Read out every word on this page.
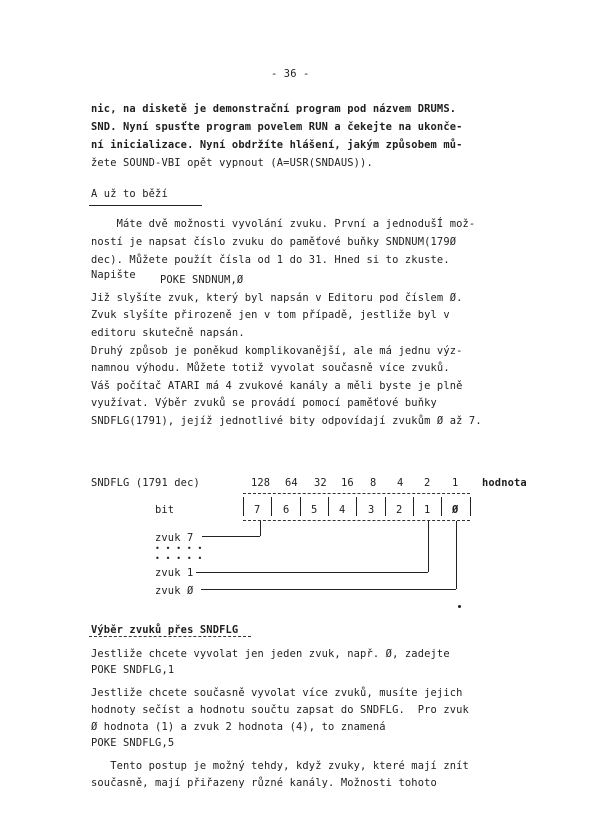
- 36 -
nic, na disketě je demonstrační program pod názvem DRUMS.
SND. Nyní spusťte program povelem RUN a čekejte na ukonče-
ní inicializace. Nyní obdržíte hlášení, jakým způsobem mů-
žete SOUND-VBI opět vypnout (A=USR(SNDAUS)).
A už to běží
Máte dvě možnosti vyvolání zvuku. První a jednodušÍ mož-
ností je napsat číslo zvuku do paměťové buňky SNDNUM(179Ø
dec). Můžete použít čísla od 1 do 31. Hned si to zkuste.
Napište POKE SNDNUM,Ø
Již slyšíte zvuk, který byl napsán v Editoru pod číslem Ø.
Zvuk slyšíte přirozeně jen v tom případě, jestliže byl v
editoru skutečně napsán.
Druhý způsob je poněkud komplikovanější, ale má jednu výz-
namnou výhodu. Můžete totiž vyvolat současně více zvuků.
Váš počítač ATARI má 4 zvukové kanály a měli byste je plně
využívat. Výběr zvuků se provádí pomocí paměťové buňky
SNDFLG(1791), jejíž jednotlivé bity odpovídají zvukům Ø až 7.
SNDFLG (1791 dec)	128 64 32 16 8 4 2 1 hodnota
bit	7 6 5 4 3 2 1 Ø
zvuk 7
• • • • •
• • • • •
zvuk 1
zvuk Ø
Výběr zvuků přes SNDFLG
Jestliže chcete vyvolat jen jeden zvuk, např. Ø, zadejte
POKE SNDFLG,1
Jestliže chcete současně vyvolat více zvuků, musíte jejich
hodnoty sečíst a hodnotu součtu zapsat do SNDFLG.  Pro zvuk
Ø hodnota (1) a zvuk 2 hodnota (4), to znamená
POKE SNDFLG,5
Tento postup je možný tehdy, když zvuky, které mají znít
současně, mají přiřazeny různé kanály. Možnosti tohoto
